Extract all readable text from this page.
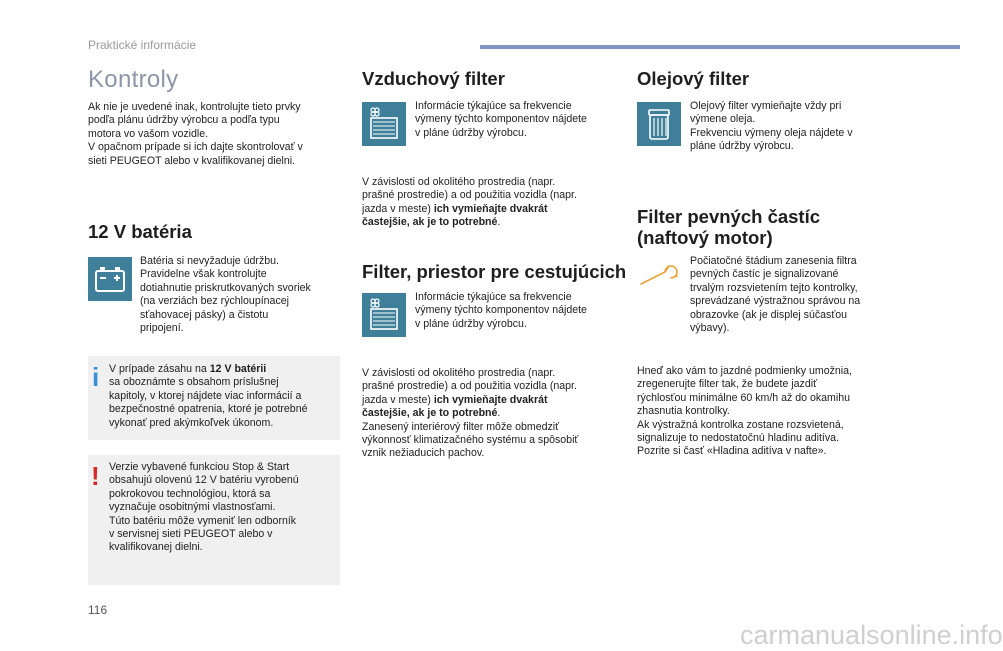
Praktické informácie
Kontroly
Ak nie je uvedené inak, kontrolujte tieto prvky
podľa plánu údržby výrobcu a podľa typu
motora vo vašom vozidle.
V opačnom prípade si ich dajte skontrolovať v
sieti PEUGEOT alebo v kvalifikovanej dielni.
12 V batéria
Batéria si nevyžaduje údržbu.
Pravidelne však kontrolujte
dotiahnutie priskrutkovaných svoriek
(na verziách bez rýchloupínacej
sťahovacej pásky) a čistotu
pripojení.
i V prípade zásahu na 12 V batérii
sa oboznámte s obsahom príslušnej
kapitoly, v ktorej nájdete viac informácií a
bezpečnostné opatrenia, ktoré je potrebné
vykonať pred akýmkoľvek úkonom.
! Verzie vybavené funkciou Stop & Start
obsahujú olovenú 12 V batériu vyrobenú
pokrokovou technológiou, ktorá sa
vyznačuje osobitnými vlastnosťami.
Túto batériu môže vymeniť len odborník
v servisnej sieti PEUGEOT alebo v
kvalifikovanej dielni.
Vzduchový filter
Informácie týkajúce sa frekvencie
výmeny týchto komponentov nájdete
v pláne údržby výrobcu.
V závislosti od okolitého prostredia (napr.
prašné prostredie) a od použitia vozidla (napr.
jazda v meste) ich vymieňajte dvakrát
častejšie, ak je to potrebné.
Filter, priestor pre cestujúcich
Informácie týkajúce sa frekvencie
výmeny týchto komponentov nájdete
v pláne údržby výrobcu.
V závislosti od okolitého prostredia (napr.
prašné prostredie) a od použitia vozidla (napr.
jazda v meste) ich vymieňajte dvakrát
častejšie, ak je to potrebné.
Zanesený interiérový filter môže obmedziť
výkonnosť klimatizačného systému a spôsobiť
vznik nežiaducich pachov.
Olejový filter
Olejový filter vymieňajte vždy pri
výmene oleja.
Frekvenciu výmeny oleja nájdete v
pláne údržby výrobcu.
Filter pevných častíc
(naftový motor)
Počiatočné štádium zanesenia filtra
pevných častíc je signalizované
trvalým rozsvietením tejto kontrolky,
sprevádzané výstražnou správou na
obrazovke (ak je displej súčasťou
výbavy).
Hneď ako vám to jazdné podmienky umožnia,
zregenerujte filter tak, že budete jazdiť
rýchlosťou minimálne 60 km/h až do okamihu
zhasnutia kontrolky.
Ak výstražná kontrolka zostane rozsvietená,
signalizuje to nedostatočnú hladinu aditíva.
Pozrite si časť «Hladina aditíva v nafte».
116
carmanualsonline.info
